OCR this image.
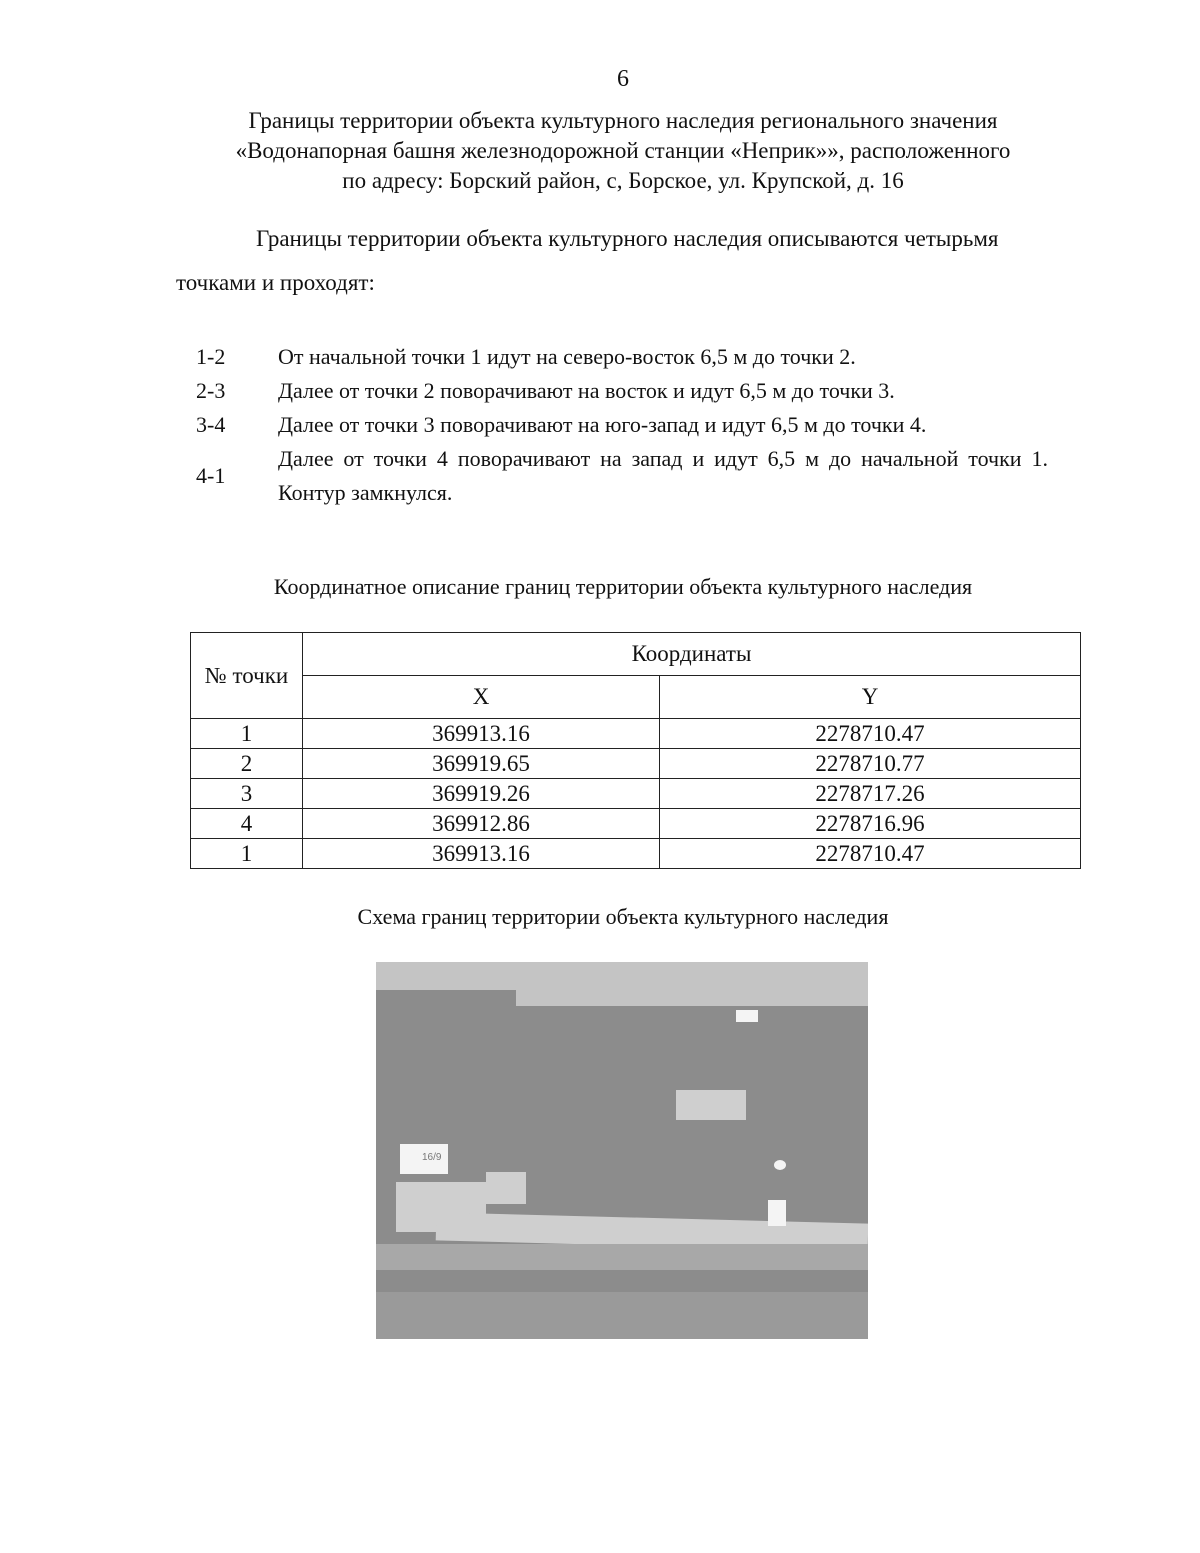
6
Границы территории объекта культурного наследия регионального значения
«Водонапорная башня железнодорожной станции «Неприк»», расположенного
по адресу: Борский район, с, Борское, ул. Крупской, д. 16
Границы территории объекта культурного наследия описываются четырьмя
точками и проходят:
1-2	От начальной точки 1 идут на северо-восток 6,5 м до точки 2.
2-3	Далее от точки 2 поворачивают на восток и идут 6,5 м до точки 3.
3-4	Далее от точки 3 поворачивают на юго-запад и идут 6,5 м до точки 4.
4-1	Далее от точки 4 поворачивают на запад и идут 6,5 м до начальной точки 1. Контур замкнулся.
Координатное описание границ территории объекта культурного наследия
№ точки	Координаты	
	X	Y
1	369913.16	2278710.47
2	369919.65	2278710.77
3	369919.26	2278717.26
4	369912.86	2278716.96
1	369913.16	2278710.47
Схема границ территории объекта культурного наследия
16/9
